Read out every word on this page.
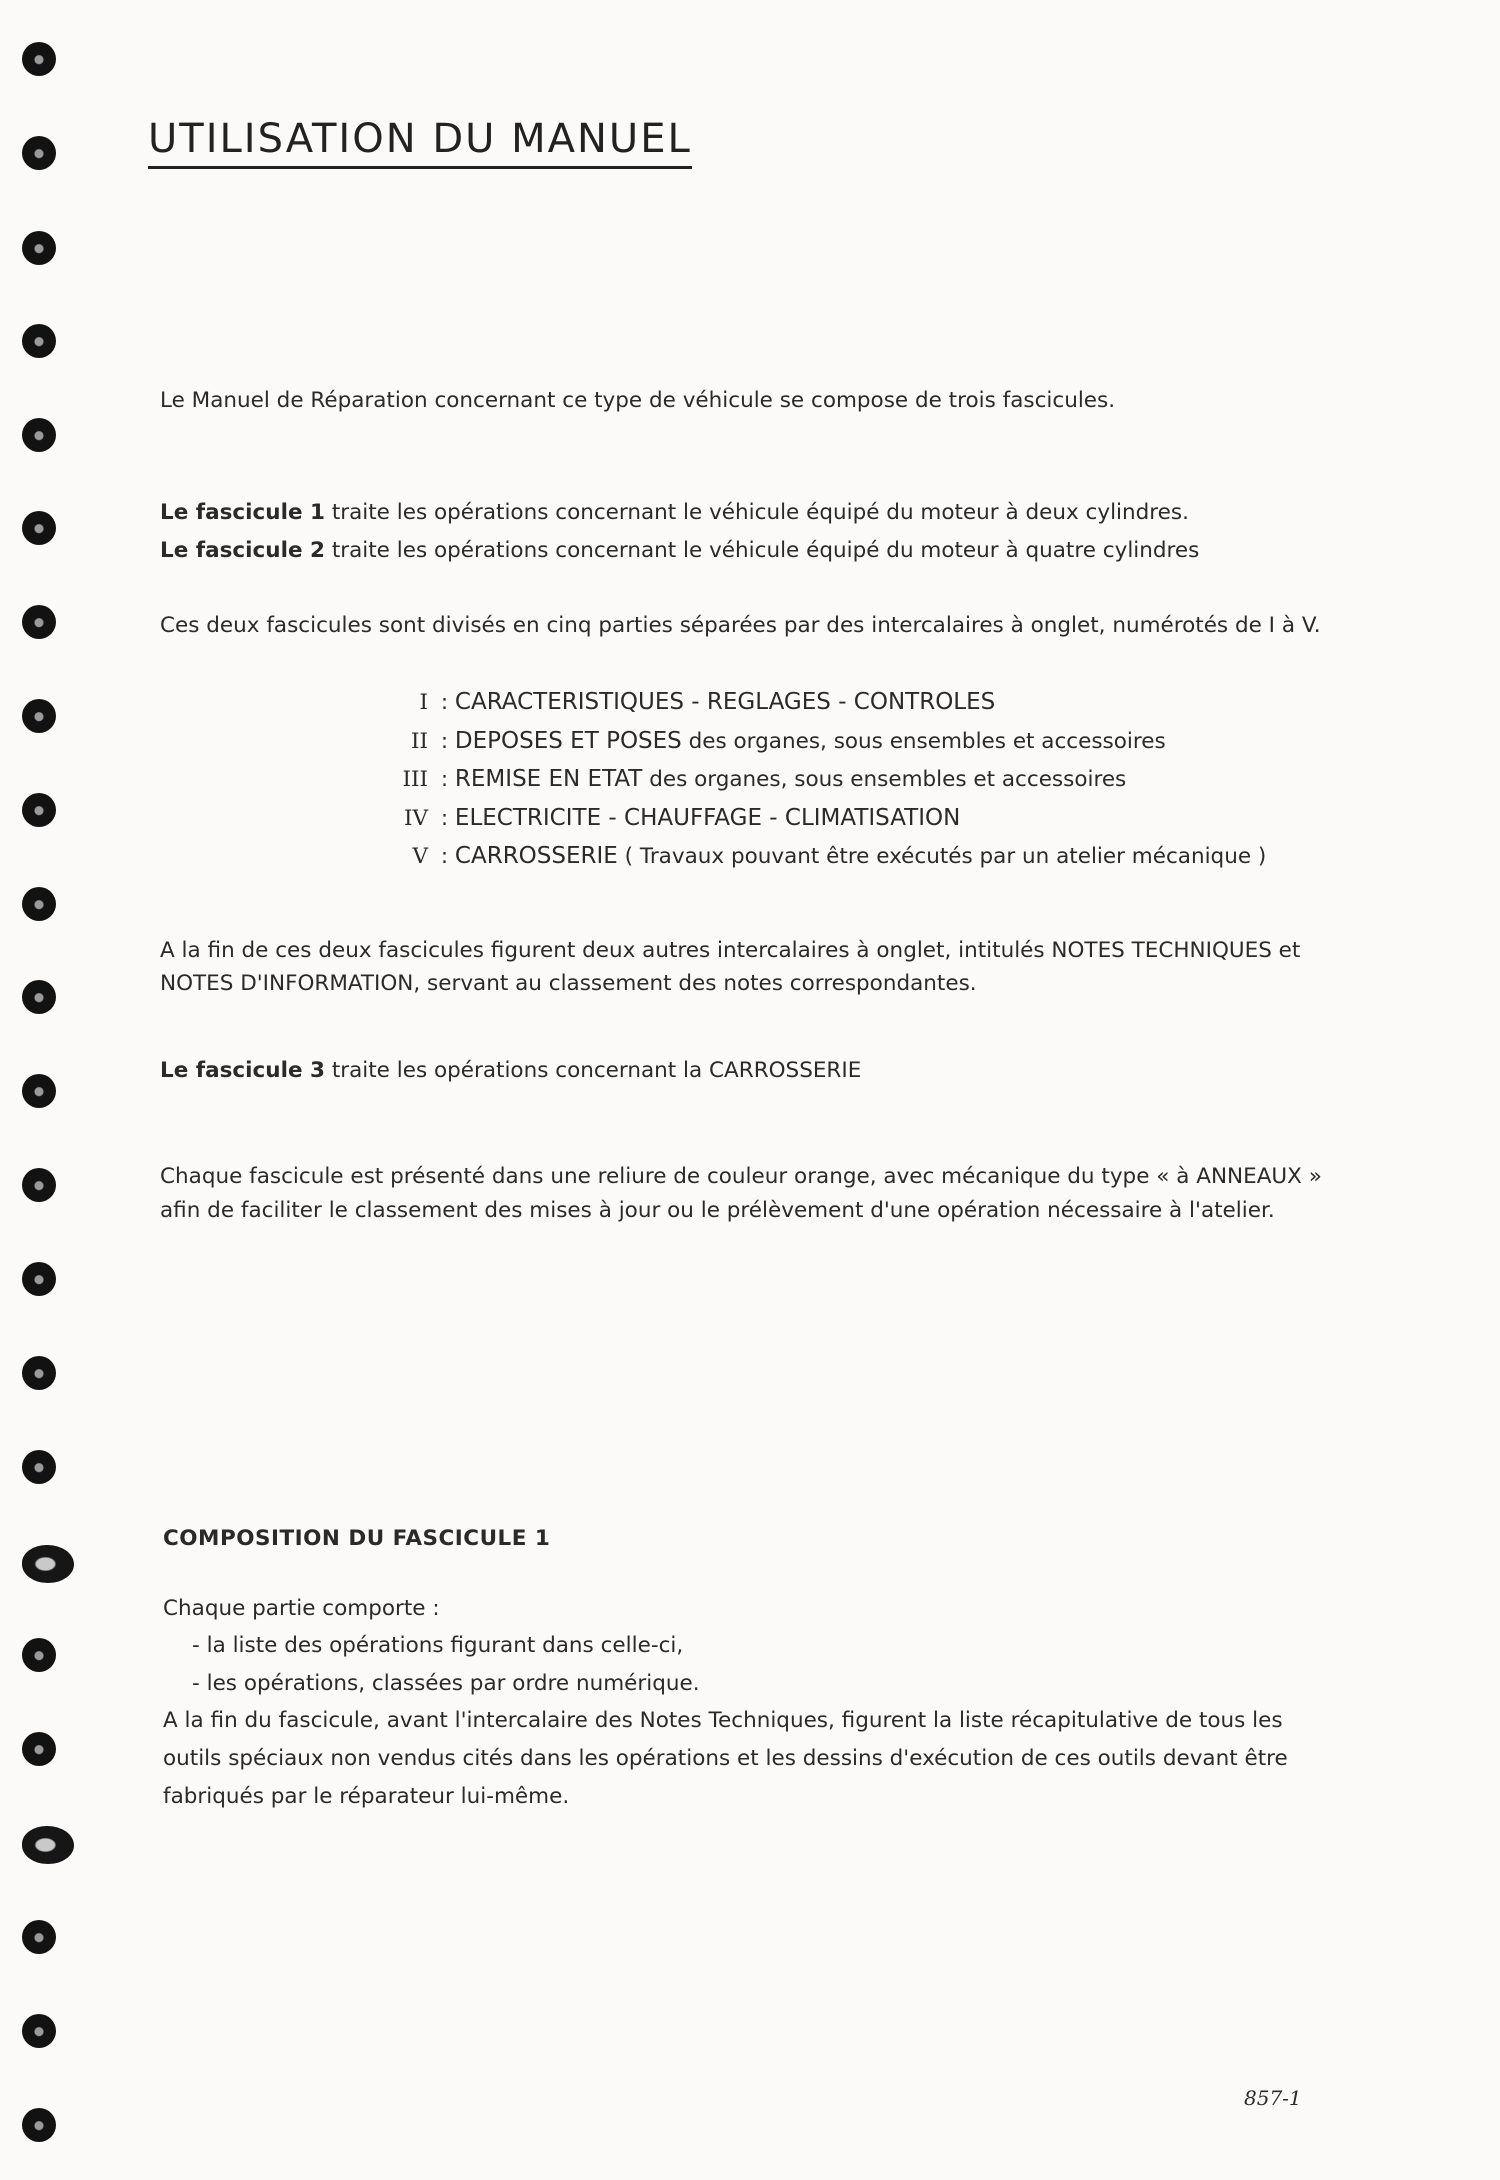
UTILISATION DU MANUEL

Le Manuel de Réparation concernant ce type de véhicule se compose de trois fascicules.

Le fascicule 1 traite les opérations concernant le véhicule équipé du moteur à deux cylindres.

Le fascicule 2 traite les opérations concernant le véhicule équipé du moteur à quatre cylindres

Ces deux fascicules sont divisés en cinq parties séparées par des intercalaires à onglet, numérotés de I à V.

I : CARACTERISTIQUES - REGLAGES - CONTROLES
II : DEPOSES ET POSES des organes, sous ensembles et accessoires
III : REMISE EN ETAT des organes, sous ensembles et accessoires
IV : ELECTRICITE - CHAUFFAGE - CLIMATISATION
V : CARROSSERIE ( Travaux pouvant être exécutés par un atelier mécanique )

A la fin de ces deux fascicules figurent deux autres intercalaires à onglet, intitulés NOTES TECHNIQUES et

NOTES D'INFORMATION, servant au classement des notes correspondantes.

Le fascicule 3 traite les opérations concernant la CARROSSERIE

Chaque fascicule est présenté dans une reliure de couleur orange, avec mécanique du type « à ANNEAUX »

afin de faciliter le classement des mises à jour ou le prélèvement d'une opération nécessaire à l'atelier.

COMPOSITION DU FASCICULE 1

Chaque partie comporte :

- la liste des opérations figurant dans celle-ci,
- les opérations, classées par ordre numérique.

A la fin du fascicule, avant l'intercalaire des Notes Techniques, figurent la liste récapitulative de tous les

outils spéciaux non vendus cités dans les opérations et les dessins d'exécution de ces outils devant être

fabriqués par le réparateur lui-même.

857-1
